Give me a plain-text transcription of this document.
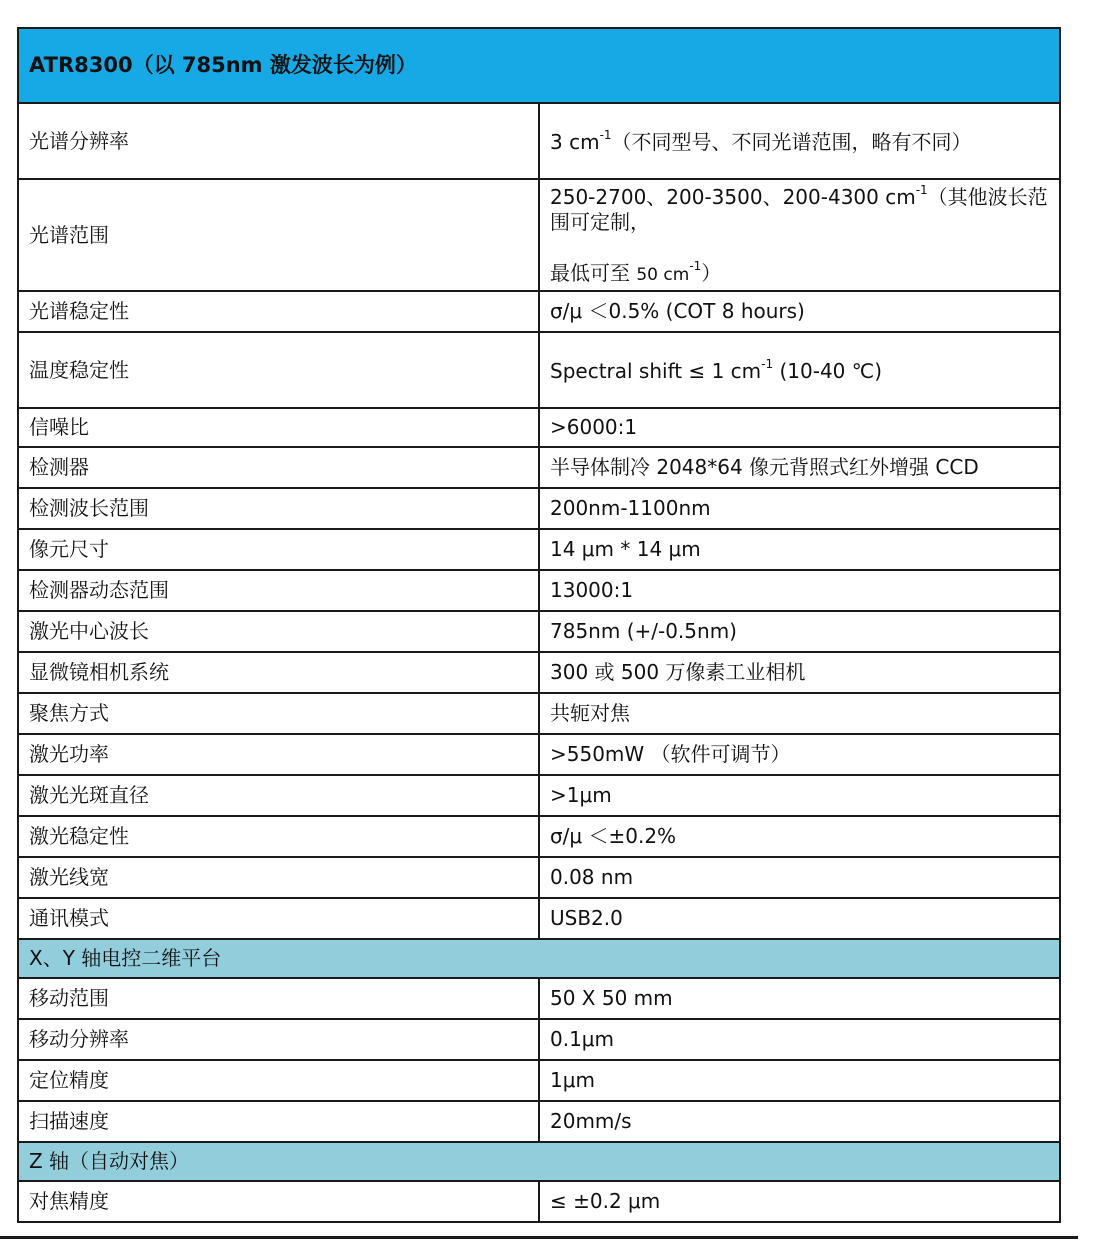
ATR8300（以 785nm 激发波长为例）	
光谱分辨率	3 $cm^{-1}$（不同型号、不同光谱范围，略有不同）
光谱范围	250-2700、200-3500、200-4300 $cm^{-1}$（其他波长范围可定制，
最低可至 50 $cm^{-1}$）

光谱稳定性	σ/μ ＜0.5% (COT 8 hours)
温度稳定性	Spectral shift ≤ 1 $cm^{-1}$ (10-40 ℃)
信噪比	>6000:1
检测器	半导体制冷 2048*64 像元背照式红外增强 CCD
检测波长范围	200nm-1100nm
像元尺寸	14 μm * 14 μm
检测器动态范围	13000:1
激光中心波长	785nm (+/-0.5nm)
显微镜相机系统	300 或 500 万像素工业相机
聚焦方式	共轭对焦
激光功率	>550mW （软件可调节）
激光光斑直径	>1μm
激光稳定性	σ/μ ＜±0.2%
激光线宽	0.08 nm
通讯模式	USB2.0
X、Y 轴电控二维平台	
移动范围	50 X 50 mm
移动分辨率	0.1μm
定位精度	1μm
扫描速度	20mm/s
Z 轴（自动对焦）	
对焦精度	≤ ±0.2 μm
